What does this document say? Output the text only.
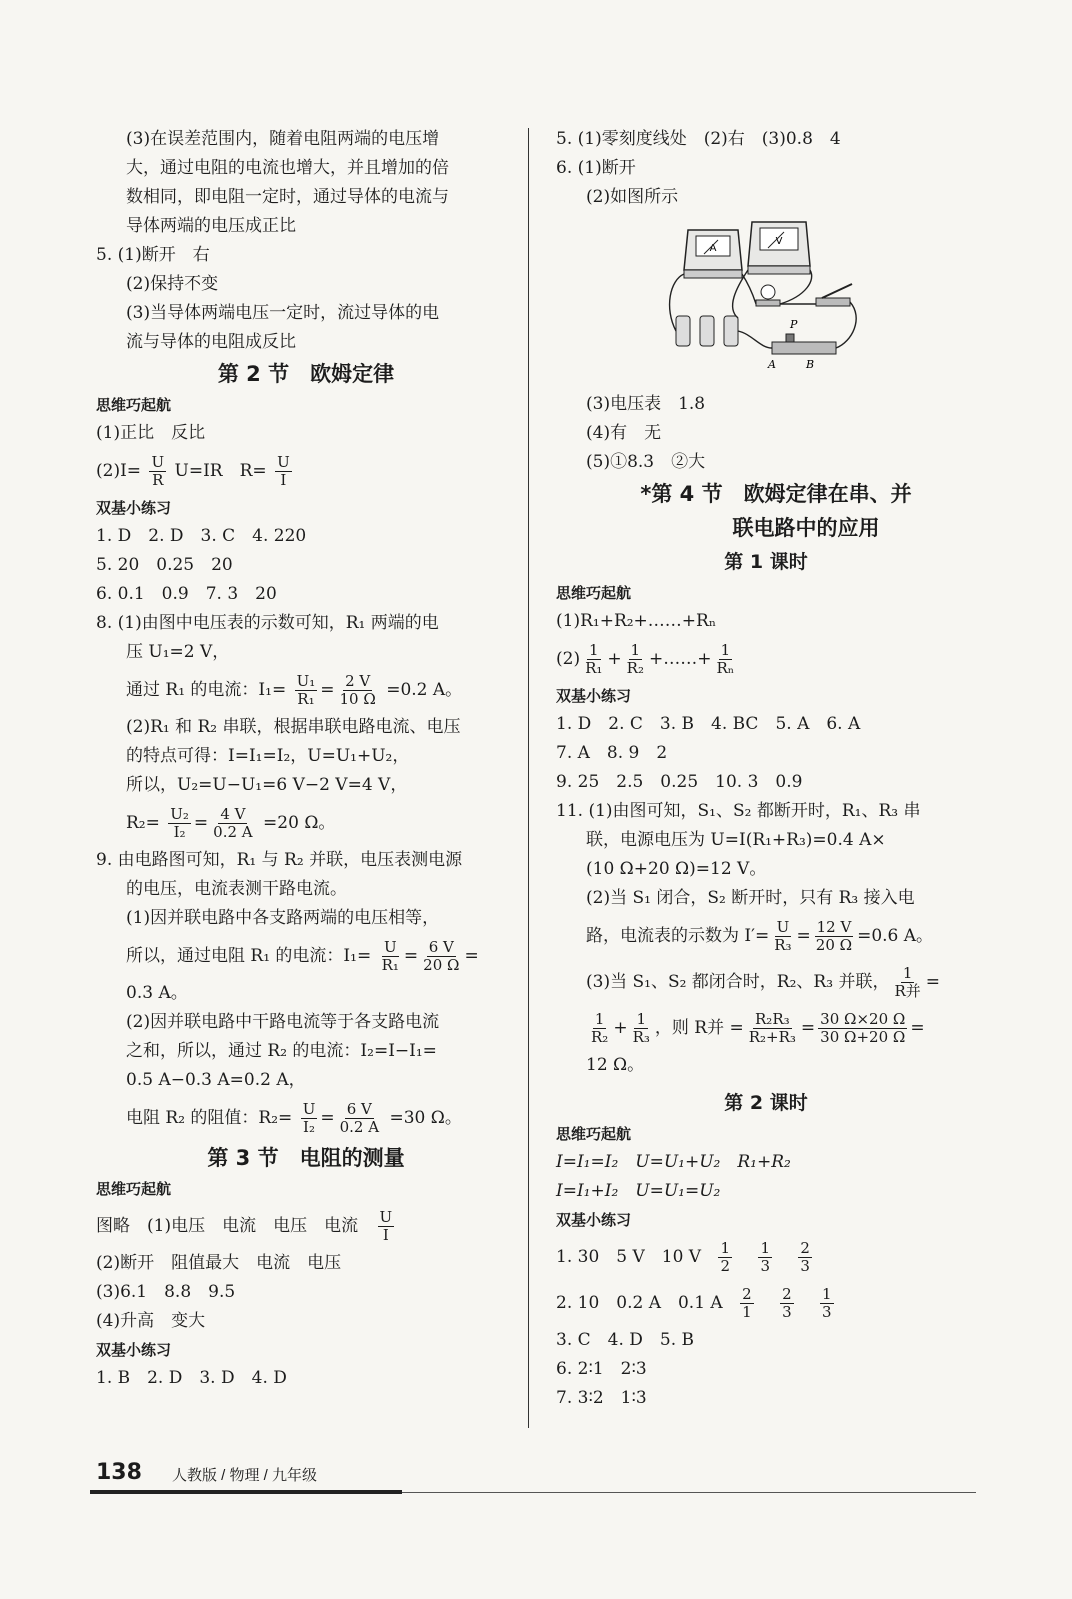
(3)在误差范围内，随着电阻两端的电压增
大，通过电阻的电流也增大，并且增加的倍
数相同，即电阻一定时，通过导体的电流与
导体两端的电压成正比
5. (1)断开　右
(2)保持不变
(3)当导体两端电压一定时，流过导体的电
流与导体的电阻成反比
第 2 节　欧姆定律
思维巧起航
(1)正比　反比
$(2)I= \frac{U}{R} U=IR$　$R= \frac{U}{I}$
双基小练习
1. D　2. D　3. C　4. 220
5. 20　0.25　20
6. 0.1　0.9　7. 3　20
8. (1)由图中电压表的示数可知，R₁ 两端的电
压 U₁=2 V，
通过 R₁ 的电流：$I_1= \frac{\text{U₁}}{\text{R₁}} = \frac{2 V}{10 \Omega} =0.2$ A。
(2)R₁ 和 R₂ 串联，根据串联电路电流、电压
的特点可得：I=I₁=I₂，U=U₁+U₂，
所以，U₂=U−U₁=6 V−2 V=4 V，
$R_2= \frac{\text{U₂}}{\text{I₂}} = \frac{4 V}{0.2 A} =20$ Ω。
9. 由电路图可知，R₁ 与 R₂ 并联，电压表测电源
的电压，电流表测干路电流。
(1)因并联电路中各支路两端的电压相等，
所以，通过电阻 R₁ 的电流：$I_1= \frac{U}{\text{R₁}} = \frac{6 V}{20 \Omega}$ =
0.3 A。
(2)因并联电路中干路电流等于各支路电流
之和，所以，通过 R₂ 的电流：I₂=I−I₁=
0.5 A−0.3 A=0.2 A，
电阻 R₂ 的阻值：$R_2= \frac{U}{\text{I₂}} = \frac{6 V}{0.2 A} =30$ Ω。
第 3 节　电阻的测量
思维巧起航
图略　(1)电压　电流　电压　电流 $\frac{U}{I}$
(2)断开　阻值最大　电流　电压
(3)6.1　8.8　9.5
(4)升高　变大
双基小练习
1. B　2. D　3. D　4. D
5. (1)零刻度线处　(2)右　(3)0.8　4
6. (1)断开
(2)如图所示
A
V
P
A	B
(3)电压表　1.8
(4)有　无
(5)①8.3　②大
*第 4 节　欧姆定律在串、并
联电路中的应用
第 1 课时
思维巧起航
(1)R₁+R₂+……+Rₙ
$(2) \frac{1}{\text{R₁}} + \frac{1}{\text{R₂}}$ +……+ $\frac{1}{\text{Rₙ}}$
双基小练习
1. D　2. C　3. B　4. BC　5. A　6. A
7. A　8. 9　2
9. 25　2.5　0.25　10. 3　0.9
11. (1)由图可知，S₁、S₂ 都断开时，R₁、R₃ 串
联，电源电压为 U=I(R₁+R₃)=0.4 A×
(10 Ω+20 Ω)=12 V。
(2)当 S₁ 闭合，S₂ 断开时，只有 R₃ 接入电
路，电流表的示数为 $I'= \frac{U}{\text{R₃}} = \frac{12 V}{20 \Omega} =0.6$ A。
(3)当 S₁、S₂ 都闭合时，R₂、R₃ 并联， $\frac{1}{\text{R并}}$ =
$\frac{1}{\text{R₂}} + \frac{1}{\text{R₃}}$ ，则 R并 = $\frac{\text{R₂R₃}}{\text{R₂+R₃}} = \frac{30 \Omega\times 20 \Omega}{30 \Omega+20 \Omega}$ =
12 Ω。
第 2 课时
思维巧起航
I=I₁=I₂　U=U₁+U₂　R₁+R₂
I=I₁+I₂　U=U₁=U₂
双基小练习
1. 30　5 V　10 V $\frac{1}{2}$
$\frac{1}{3}$
$\frac{2}{3}$
2. 10　0.2 A　0.1 A $\frac{2}{1}$
$\frac{2}{3}$
$\frac{1}{3}$
3. C　4. D　5. B
6. 2∶1　2∶3
7. 3∶2　1∶3
138 人教版 / 物理 / 九年级
